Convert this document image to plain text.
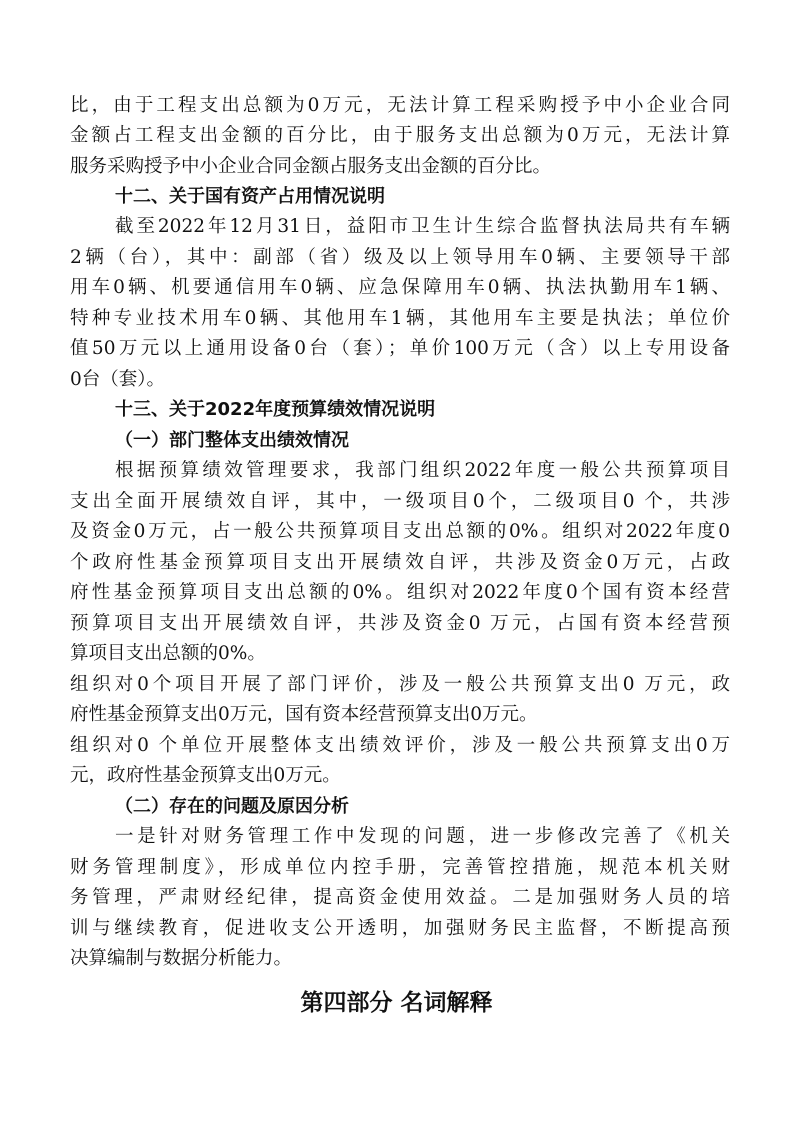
比，由于工程支出总额为0万元，无法计算工程采购授予中小企业合同
金额占工程支出金额的百分比，由于服务支出总额为0万元，无法计算
服务采购授予中小企业合同金额占服务支出金额的百分比。
十二、关于国有资产占用情况说明
截至2022年12月31日，益阳市卫生计生综合监督执法局共有车辆
2辆（台），其中：副部（省）级及以上领导用车0辆、主要领导干部
用车0辆、机要通信用车0辆、应急保障用车0辆、执法执勤用车1辆、
特种专业技术用车0辆、其他用车1辆，其他用车主要是执法；单位价
值50万元以上通用设备0台（套）；单价100万元（含）以上专用设备
0台（套）。
十三、关于2022年度预算绩效情况说明
（一）部门整体支出绩效情况
根据预算绩效管理要求，我部门组织2022年度一般公共预算项目
支出全面开展绩效自评，其中，一级项目0个，二级项目0 个，共涉
及资金0万元，占一般公共预算项目支出总额的0%。组织对2022年度0
个政府性基金预算项目支出开展绩效自评，共涉及资金0万元，占政
府性基金预算项目支出总额的0%。组织对2022年度0个国有资本经营
预算项目支出开展绩效自评，共涉及资金0 万元，占国有资本经营预
算项目支出总额的0%。
组织对0个项目开展了部门评价，涉及一般公共预算支出0 万元，政
府性基金预算支出0万元，国有资本经营预算支出0万元。
组织对0 个单位开展整体支出绩效评价，涉及一般公共预算支出0万
元，政府性基金预算支出0万元。
（二）存在的问题及原因分析
一是针对财务管理工作中发现的问题，进一步修改完善了《机关
财务管理制度》，形成单位内控手册，完善管控措施，规范本机关财
务管理，严肃财经纪律，提高资金使用效益。二是加强财务人员的培
训与继续教育，促进收支公开透明，加强财务民主监督，不断提高预
决算编制与数据分析能力。
第四部分 名词解释
